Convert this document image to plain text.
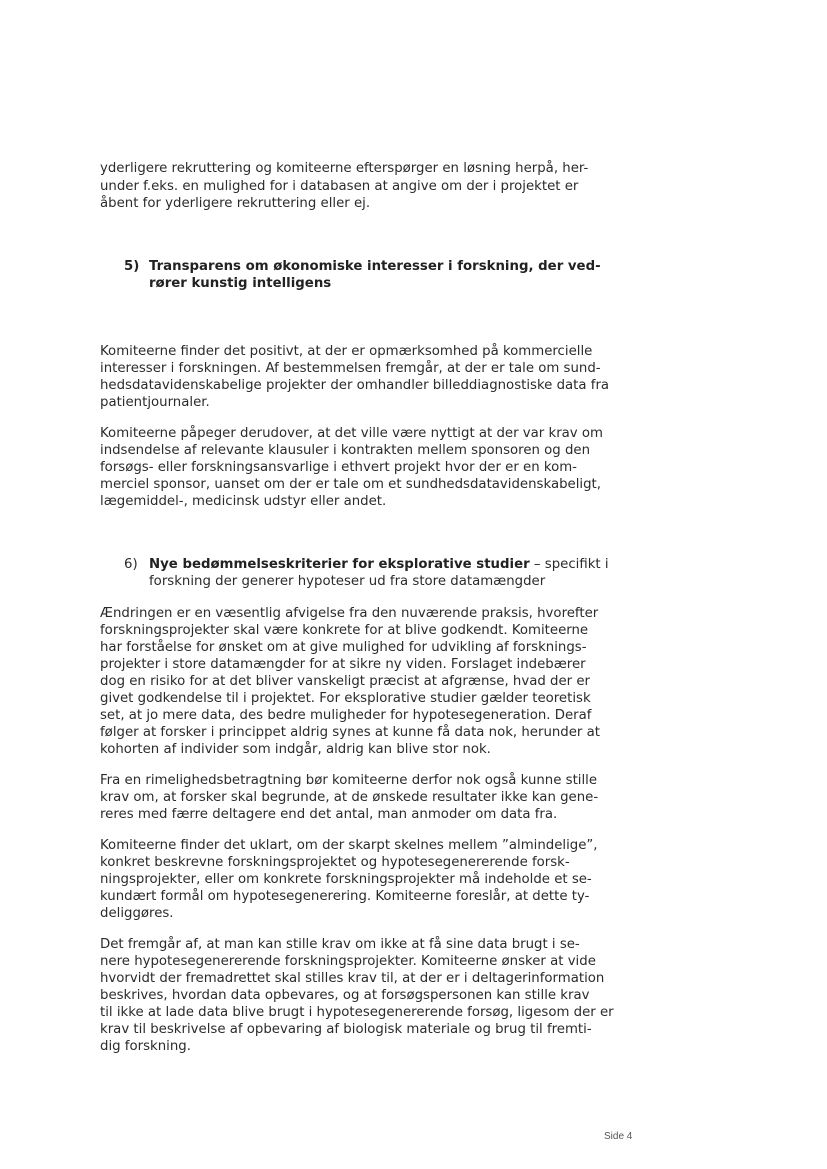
yderligere rekruttering og komiteerne efterspørger en løsning herpå, her-
under f.eks. en mulighed for i databasen at angive om der i projektet er
åbent for yderligere rekruttering eller ej.
5) Transparens om økonomiske interesser i forskning, der ved-
rører kunstig intelligens
Komiteerne finder det positivt, at der er opmærksomhed på kommercielle
interesser i forskningen. Af bestemmelsen fremgår, at der er tale om sund-
hedsdatavidenskabelige projekter der omhandler billeddiagnostiske data fra
patientjournaler.
Komiteerne påpeger derudover, at det ville være nyttigt at der var krav om
indsendelse af relevante klausuler i kontrakten mellem sponsoren og den
forsøgs- eller forskningsansvarlige i ethvert projekt hvor der er en kom-
merciel sponsor, uanset om der er tale om et sundhedsdatavidenskabeligt,
lægemiddel-, medicinsk udstyr eller andet.
6) Nye bedømmelseskriterier for eksplorative studier – specifikt i
forskning der generer hypoteser ud fra store datamængder
Ændringen er en væsentlig afvigelse fra den nuværende praksis, hvorefter
forskningsprojekter skal være konkrete for at blive godkendt. Komiteerne
har forståelse for ønsket om at give mulighed for udvikling af forsknings-
projekter i store datamængder for at sikre ny viden. Forslaget indebærer
dog en risiko for at det bliver vanskeligt præcist at afgrænse, hvad der er
givet godkendelse til i projektet. For eksplorative studier gælder teoretisk
set, at jo mere data, des bedre muligheder for hypotesegeneration. Deraf
følger at forsker i princippet aldrig synes at kunne få data nok, herunder at
kohorten af individer som indgår, aldrig kan blive stor nok.
Fra en rimelighedsbetragtning bør komiteerne derfor nok også kunne stille
krav om, at forsker skal begrunde, at de ønskede resultater ikke kan gene-
reres med færre deltagere end det antal, man anmoder om data fra.
Komiteerne finder det uklart, om der skarpt skelnes mellem ”almindelige”,
konkret beskrevne forskningsprojektet og hypotesegenererende forsk-
ningsprojekter, eller om konkrete forskningsprojekter må indeholde et se-
kundært formål om hypotesegenerering. Komiteerne foreslår, at dette ty-
deliggøres.
Det fremgår af, at man kan stille krav om ikke at få sine data brugt i se-
nere hypotesegenererende forskningsprojekter. Komiteerne ønsker at vide
hvorvidt der fremadrettet skal stilles krav til, at der er i deltagerinformation
beskrives, hvordan data opbevares, og at forsøgspersonen kan stille krav
til ikke at lade data blive brugt i hypotesegenererende forsøg, ligesom der er
krav til beskrivelse af opbevaring af biologisk materiale og brug til fremti-
dig forskning.
Side 4
